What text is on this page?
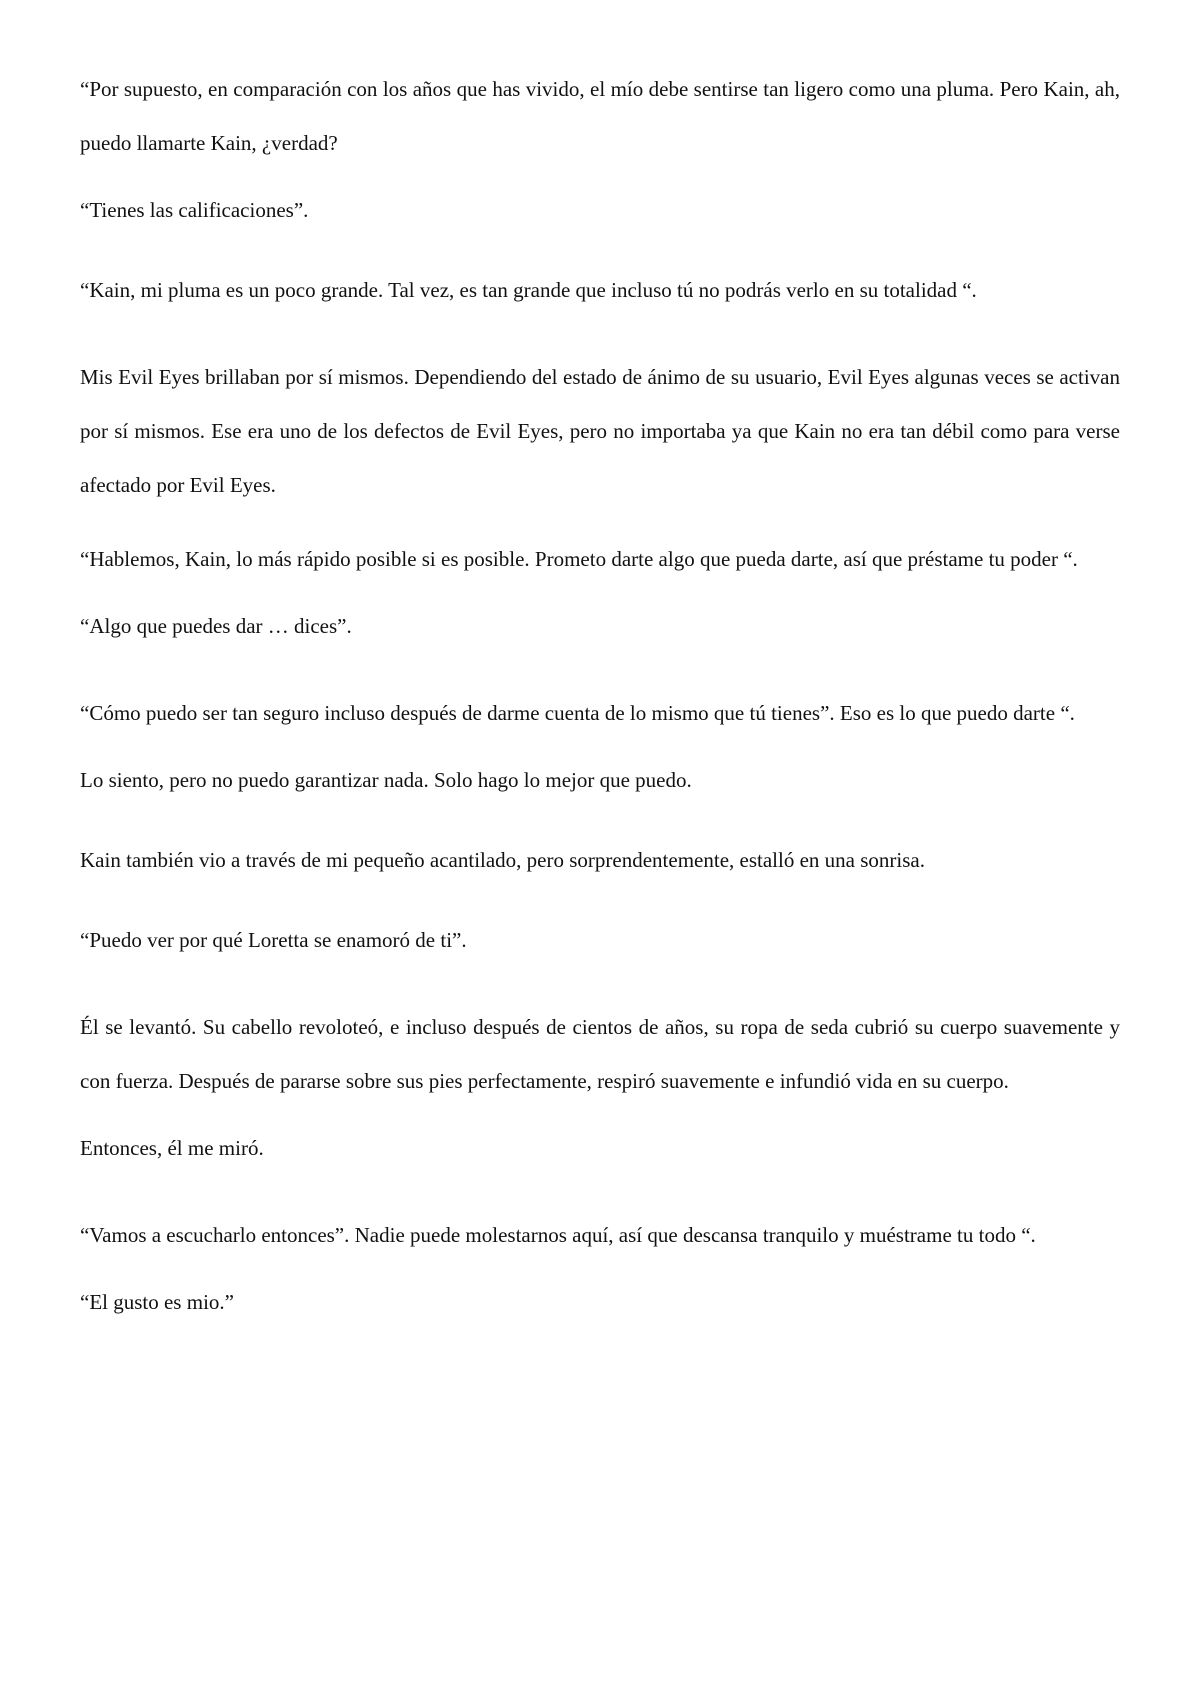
“Por supuesto, en comparación con los años que has vivido, el mío debe sentirse tan ligero como una pluma. Pero Kain, ah, puedo llamarte Kain, ¿verdad?

“Tienes las calificaciones”.

“Kain, mi pluma es un poco grande. Tal vez, es tan grande que incluso tú no podrás verlo en su totalidad “.

Mis Evil Eyes brillaban por sí mismos. Dependiendo del estado de ánimo de su usuario, Evil Eyes algunas veces se activan por sí mismos. Ese era uno de los defectos de Evil Eyes, pero no importaba ya que Kain no era tan débil como para verse afectado por Evil Eyes.

“Hablemos, Kain, lo más rápido posible si es posible. Prometo darte algo que pueda darte, así que préstame tu poder “.

“Algo que puedes dar … dices”.

“Cómo puedo ser tan seguro incluso después de darme cuenta de lo mismo que tú tienes”. Eso es lo que puedo darte “.

Lo siento, pero no puedo garantizar nada. Solo hago lo mejor que puedo.

Kain también vio a través de mi pequeño acantilado, pero sorprendentemente, estalló en una sonrisa.

“Puedo ver por qué Loretta se enamoró de ti”.

Él se levantó. Su cabello revoloteó, e incluso después de cientos de años, su ropa de seda cubrió su cuerpo suavemente y con fuerza. Después de pararse sobre sus pies perfectamente, respiró suavemente e infundió vida en su cuerpo.

Entonces, él me miró.

“Vamos a escucharlo entonces”. Nadie puede molestarnos aquí, así que descansa tranquilo y muéstrame tu todo “.

“El gusto es mio.”
